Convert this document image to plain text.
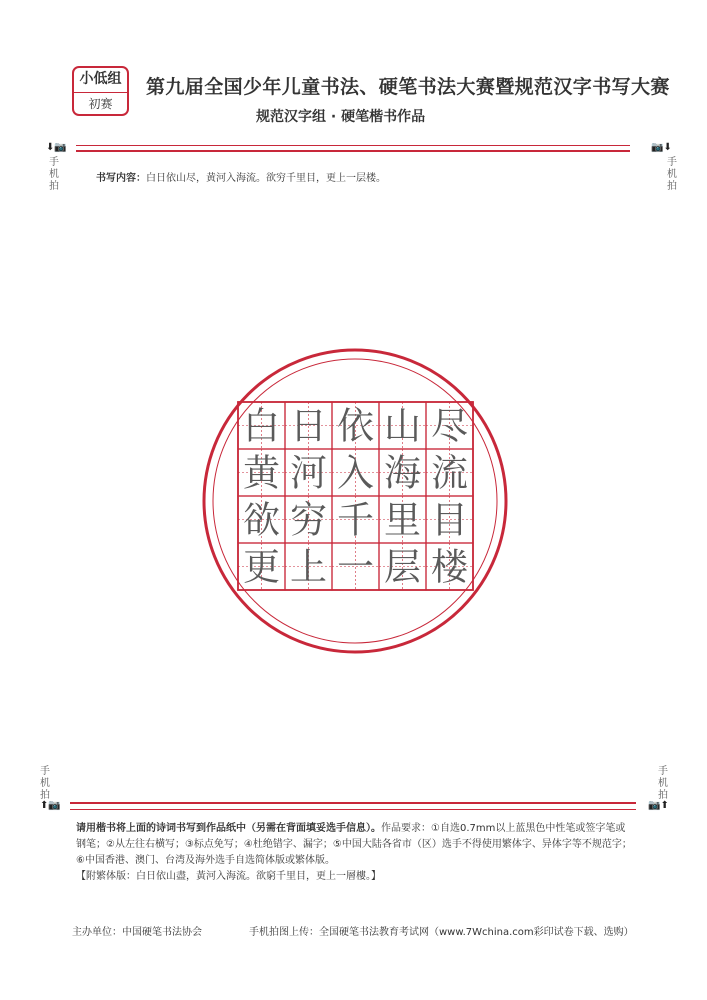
小低组
初赛
第九届全国少年儿童书法、硬笔书法大赛暨规范汉字书写大赛
规范汉字组 · 硬笔楷书作品
⬇📷	📷⬇
手机拍
手机拍
书写内容：白日依山尽，黄河入海流。欲穷千里目，更上一层楼。
白 日 依 山 尽
黄 河 入 海 流
欲 穷 千 里 目
更 上 一 层 楼
手机拍
手机拍
⬆📷	📷⬆

请用楷书将上面的诗词书写到作品纸中（另需在背面填妥选手信息）。作品要求：①自选0.7mm以上蓝黑色中性笔或签字笔或钢笔；②从左往右横写；③标点免写；④杜绝错字、漏字；⑤中国大陆各省市（区）选手不得使用繁体字、异体字等不规范字；⑥中国香港、澳门、台湾及海外选手自选简体版或繁体版。

【附繁体版：白日依山盡，黃河入海流。欲窮千里目，更上一層樓。】

主办单位：中国硬笔书法协会	手机拍图上传：全国硬笔书法教育考试网（www.7Wchina.com彩印试卷下载、选购）
